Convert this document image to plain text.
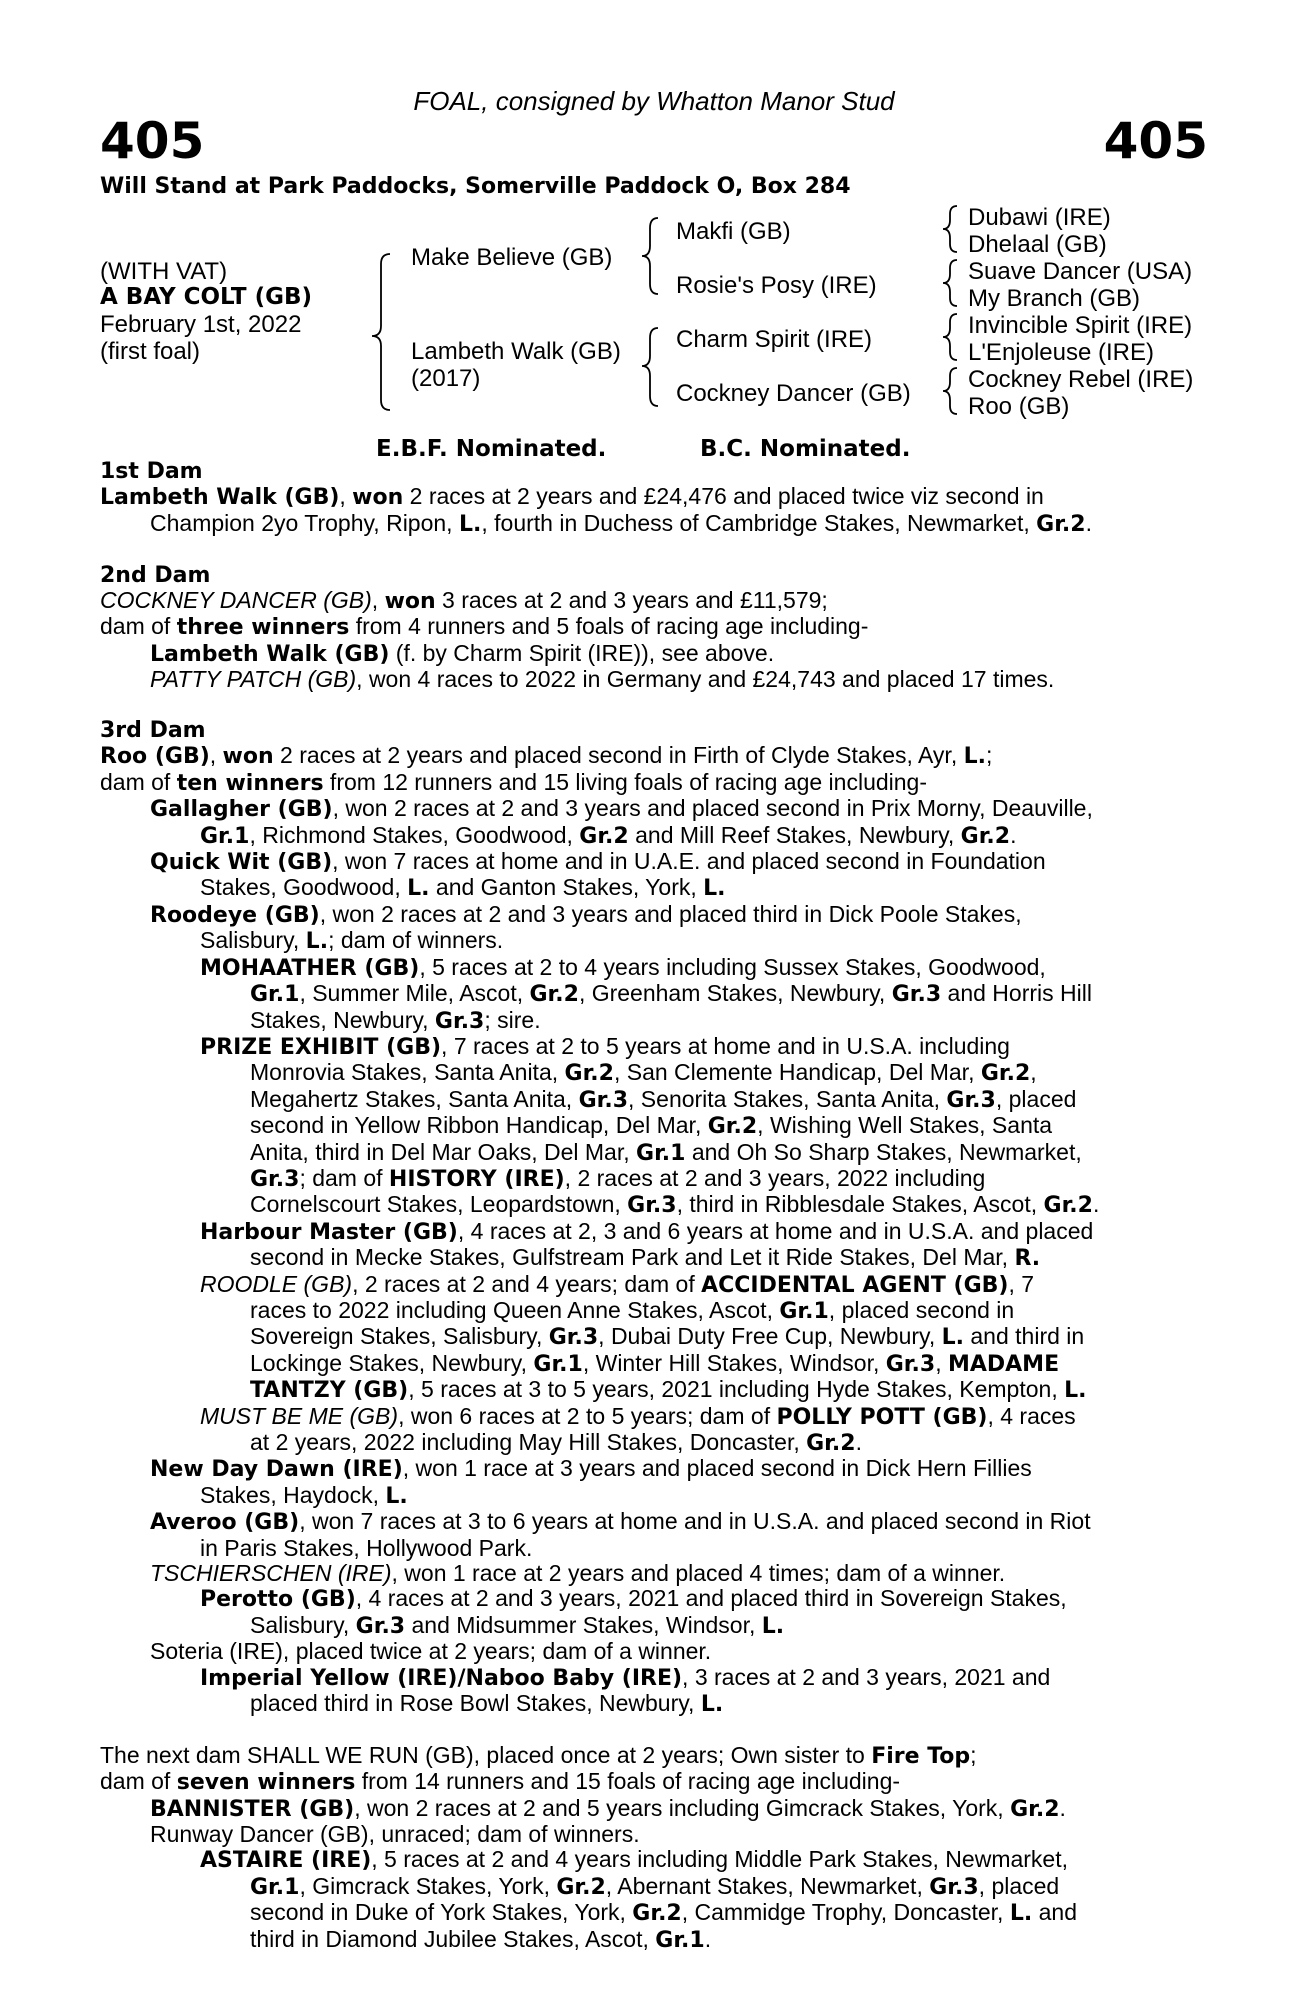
FOAL, consigned by Whatton Manor Stud
405	405
Will Stand at Park Paddocks, Somerville Paddock O, Box 284
(WITH VAT)
A BAY COLT (GB)
February 1st, 2022
(first foal)
Make Believe (GB)
Lambeth Walk (GB)
(2017)
Makfi (GB)
Rosie's Posy (IRE)
Charm Spirit (IRE)
Cockney Dancer (GB)
Dubawi (IRE)
Dhelaal (GB)
Suave Dancer (USA)
My Branch (GB)
Invincible Spirit (IRE)
L'Enjoleuse (IRE)
Cockney Rebel (IRE)
Roo (GB)
E.B.F. Nominated.	B.C. Nominated.
1st Dam
Lambeth Walk (GB), won 2 races at 2 years and £24,476 and placed twice viz second in
Champion 2yo Trophy, Ripon, L., fourth in Duchess of Cambridge Stakes, Newmarket, Gr.2.
2nd Dam
COCKNEY DANCER (GB), won 3 races at 2 and 3 years and £11,579;
dam of three winners from 4 runners and 5 foals of racing age including-
Lambeth Walk (GB) (f. by Charm Spirit (IRE)), see above.
PATTY PATCH (GB), won 4 races to 2022 in Germany and £24,743 and placed 17 times.
3rd Dam
Roo (GB), won 2 races at 2 years and placed second in Firth of Clyde Stakes, Ayr, L.;
dam of ten winners from 12 runners and 15 living foals of racing age including-
Gallagher (GB), won 2 races at 2 and 3 years and placed second in Prix Morny, Deauville,
Gr.1, Richmond Stakes, Goodwood, Gr.2 and Mill Reef Stakes, Newbury, Gr.2.
Quick Wit (GB), won 7 races at home and in U.A.E. and placed second in Foundation
Stakes, Goodwood, L. and Ganton Stakes, York, L.
Roodeye (GB), won 2 races at 2 and 3 years and placed third in Dick Poole Stakes,
Salisbury, L.; dam of winners.
MOHAATHER (GB), 5 races at 2 to 4 years including Sussex Stakes, Goodwood,
Gr.1, Summer Mile, Ascot, Gr.2, Greenham Stakes, Newbury, Gr.3 and Horris Hill
Stakes, Newbury, Gr.3; sire.
PRIZE EXHIBIT (GB), 7 races at 2 to 5 years at home and in U.S.A. including
Monrovia Stakes, Santa Anita, Gr.2, San Clemente Handicap, Del Mar, Gr.2,
Megahertz Stakes, Santa Anita, Gr.3, Senorita Stakes, Santa Anita, Gr.3, placed
second in Yellow Ribbon Handicap, Del Mar, Gr.2, Wishing Well Stakes, Santa
Anita, third in Del Mar Oaks, Del Mar, Gr.1 and Oh So Sharp Stakes, Newmarket,
Gr.3; dam of HISTORY (IRE), 2 races at 2 and 3 years, 2022 including
Cornelscourt Stakes, Leopardstown, Gr.3, third in Ribblesdale Stakes, Ascot, Gr.2.
Harbour Master (GB), 4 races at 2, 3 and 6 years at home and in U.S.A. and placed
second in Mecke Stakes, Gulfstream Park and Let it Ride Stakes, Del Mar, R.
ROODLE (GB), 2 races at 2 and 4 years; dam of ACCIDENTAL AGENT (GB), 7
races to 2022 including Queen Anne Stakes, Ascot, Gr.1, placed second in
Sovereign Stakes, Salisbury, Gr.3, Dubai Duty Free Cup, Newbury, L. and third in
Lockinge Stakes, Newbury, Gr.1, Winter Hill Stakes, Windsor, Gr.3, MADAME
TANTZY (GB), 5 races at 3 to 5 years, 2021 including Hyde Stakes, Kempton, L.
MUST BE ME (GB), won 6 races at 2 to 5 years; dam of POLLY POTT (GB), 4 races
at 2 years, 2022 including May Hill Stakes, Doncaster, Gr.2.
New Day Dawn (IRE), won 1 race at 3 years and placed second in Dick Hern Fillies
Stakes, Haydock, L.
Averoo (GB), won 7 races at 3 to 6 years at home and in U.S.A. and placed second in Riot
in Paris Stakes, Hollywood Park.
TSCHIERSCHEN (IRE), won 1 race at 2 years and placed 4 times; dam of a winner.
Perotto (GB), 4 races at 2 and 3 years, 2021 and placed third in Sovereign Stakes,
Salisbury, Gr.3 and Midsummer Stakes, Windsor, L.
Soteria (IRE), placed twice at 2 years; dam of a winner.
Imperial Yellow (IRE)/Naboo Baby (IRE), 3 races at 2 and 3 years, 2021 and
placed third in Rose Bowl Stakes, Newbury, L.
The next dam SHALL WE RUN (GB), placed once at 2 years; Own sister to Fire Top;
dam of seven winners from 14 runners and 15 foals of racing age including-
BANNISTER (GB), won 2 races at 2 and 5 years including Gimcrack Stakes, York, Gr.2.
Runway Dancer (GB), unraced; dam of winners.
ASTAIRE (IRE), 5 races at 2 and 4 years including Middle Park Stakes, Newmarket,
Gr.1, Gimcrack Stakes, York, Gr.2, Abernant Stakes, Newmarket, Gr.3, placed
second in Duke of York Stakes, York, Gr.2, Cammidge Trophy, Doncaster, L. and
third in Diamond Jubilee Stakes, Ascot, Gr.1.
